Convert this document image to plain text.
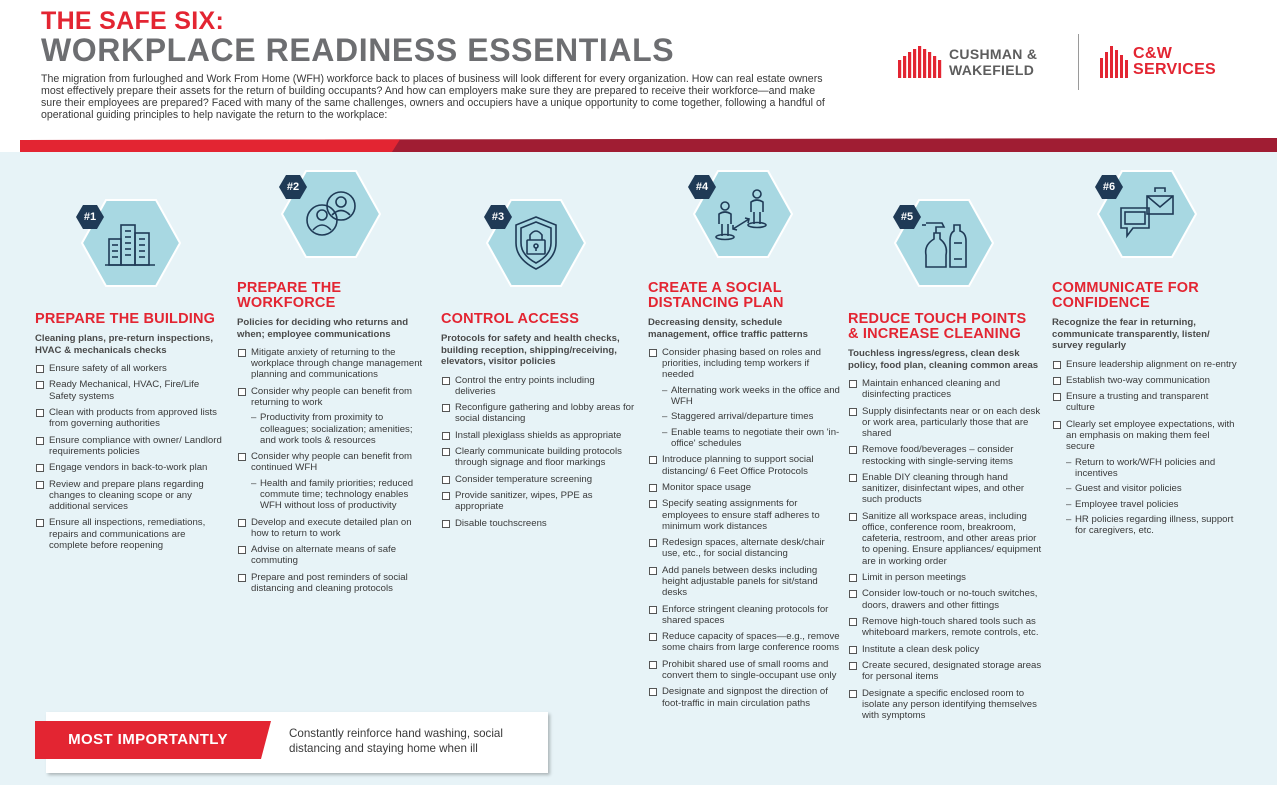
THE SAFE SIX:
WORKPLACE READINESS ESSENTIALS
The migration from furloughed and Work From Home (WFH) workforce back to places of business will look different for every organization. How can real estate owners most effectively prepare their assets for the return of building occupants? And how can employers make sure they are prepared to receive their workforce—and make sure their employees are prepared? Faced with many of the same challenges, owners and occupiers have a unique opportunity to come together, following a handful of operational guiding principles to help navigate the return to the workplace:
CUSHMAN &
WAKEFIELD
C&W
SERVICES
#1
#2
#3
#4
#5
#6
PREPARE THE BUILDING
Cleaning plans, pre-return inspections, HVAC & mechanicals checks
Ensure safety of all workers
Ready Mechanical, HVAC, Fire/Life Safety systems
Clean with products from approved lists from governing authorities
Ensure compliance with owner/ Landlord requirements policies
Engage vendors in back-to-work plan
Review and prepare plans regarding changes to cleaning scope or any additional services
Ensure all inspections, remediations, repairs and communications are complete before reopening
PREPARE THE
WORKFORCE
Policies for deciding who returns and when; employee communications
Mitigate anxiety of returning to the workplace through change management planning and communications
Consider why people can benefit from returning to work
– Productivity from proximity to colleagues; socialization; amenities; and work tools & resources
Consider why people can benefit from continued WFH
– Health and family priorities; reduced commute time; technology enables WFH without loss of productivity
Develop and execute detailed plan on how to return to work
Advise on alternate means of safe commuting
Prepare and post reminders of social distancing and cleaning protocols
CONTROL ACCESS
Protocols for safety and health checks, building reception, shipping/receiving, elevators, visitor policies
Control the entry points including deliveries
Reconfigure gathering and lobby areas for social distancing
Install plexiglass shields as appropriate
Clearly communicate building protocols through signage and floor markings
Consider temperature screening
Provide sanitizer, wipes, PPE as appropriate
Disable touchscreens
CREATE A SOCIAL
DISTANCING PLAN
Decreasing density, schedule management, office traffic patterns
Consider phasing based on roles and priorities, including temp workers if needed
– Alternating work weeks in the office and WFH
– Staggered arrival/departure times
– Enable teams to negotiate their own 'in-office' schedules
Introduce planning to support social distancing/ 6 Feet Office Protocols
Monitor space usage
Specify seating assignments for employees to ensure staff adheres to minimum work distances
Redesign spaces, alternate desk/chair use, etc., for social distancing
Add panels between desks including height adjustable panels for sit/stand desks
Enforce stringent cleaning protocols for shared spaces
Reduce capacity of spaces—e.g., remove some chairs from large conference rooms
Prohibit shared use of small rooms and convert them to single-occupant use only
Designate and signpost the direction of foot-traffic in main circulation paths
REDUCE TOUCH POINTS
& INCREASE CLEANING
Touchless ingress/egress, clean desk policy, food plan, cleaning common areas
Maintain enhanced cleaning and disinfecting practices
Supply disinfectants near or on each desk or work area, particularly those that are shared
Remove food/beverages – consider restocking with single-serving items
Enable DIY cleaning through hand sanitizer, disinfectant wipes, and other such products
Sanitize all workspace areas, including office, conference room, breakroom, cafeteria, restroom, and other areas prior to opening. Ensure appliances/ equipment are in working order
Limit in person meetings
Consider low-touch or no-touch switches, doors, drawers and other fittings
Remove high-touch shared tools such as whiteboard markers, remote controls, etc.
Institute a clean desk policy
Create secured, designated storage areas for personal items
Designate a specific enclosed room to isolate any person identifying themselves with symptoms
COMMUNICATE FOR
CONFIDENCE
Recognize the fear in returning, communicate transparently, listen/ survey regularly
Ensure leadership alignment on re-entry
Establish two-way communication
Ensure a trusting and transparent culture
Clearly set employee expectations, with an emphasis on making them feel secure
– Return to work/WFH policies and incentives
– Guest and visitor policies
– Employee travel policies
– HR policies regarding illness, support for caregivers, etc.
MOST IMPORTANTLY	Constantly reinforce hand washing, social distancing and staying home when ill
